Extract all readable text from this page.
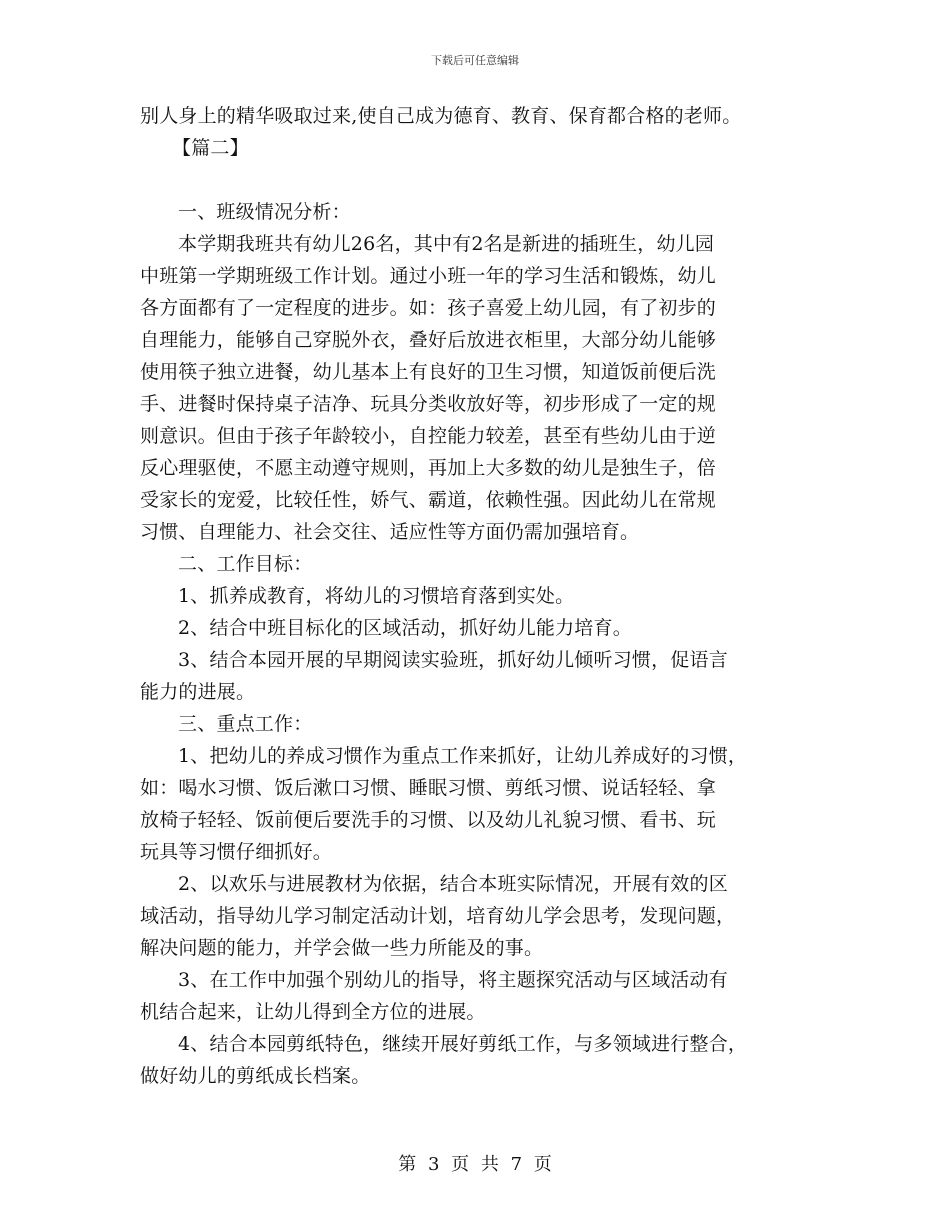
下载后可任意编辑
别人身上的精华吸取过来,使自己成为德育、教育、保育都合格的老师。
【篇二】
一、班级情况分析：
本学期我班共有幼儿26名，其中有2名是新进的插班生，幼儿园
中班第一学期班级工作计划。通过小班一年的学习生活和锻炼，幼儿
各方面都有了一定程度的进步。如：孩子喜爱上幼儿园，有了初步的
自理能力，能够自己穿脱外衣，叠好后放进衣柜里，大部分幼儿能够
使用筷子独立进餐，幼儿基本上有良好的卫生习惯，知道饭前便后洗
手、进餐时保持桌子洁净、玩具分类收放好等，初步形成了一定的规
则意识。但由于孩子年龄较小，自控能力较差，甚至有些幼儿由于逆
反心理驱使，不愿主动遵守规则，再加上大多数的幼儿是独生子，倍
受家长的宠爱，比较任性，娇气、霸道，依赖性强。因此幼儿在常规
习惯、自理能力、社会交往、适应性等方面仍需加强培育。
二、工作目标：
1、抓养成教育，将幼儿的习惯培育落到实处。
2、结合中班目标化的区域活动，抓好幼儿能力培育。
3、结合本园开展的早期阅读实验班，抓好幼儿倾听习惯，促语言
能力的进展。
三、重点工作：
1、把幼儿的养成习惯作为重点工作来抓好，让幼儿养成好的习惯，
如：喝水习惯、饭后漱口习惯、睡眠习惯、剪纸习惯、说话轻轻、拿
放椅子轻轻、饭前便后要洗手的习惯、以及幼儿礼貌习惯、看书、玩
玩具等习惯仔细抓好。
2、以欢乐与进展教材为依据，结合本班实际情况，开展有效的区
域活动，指导幼儿学习制定活动计划，培育幼儿学会思考，发现问题，
解决问题的能力，并学会做一些力所能及的事。
3、在工作中加强个别幼儿的指导，将主题探究活动与区域活动有
机结合起来，让幼儿得到全方位的进展。
4、结合本园剪纸特色，继续开展好剪纸工作，与多领域进行整合，
做好幼儿的剪纸成长档案。
第 3 页 共 7 页
